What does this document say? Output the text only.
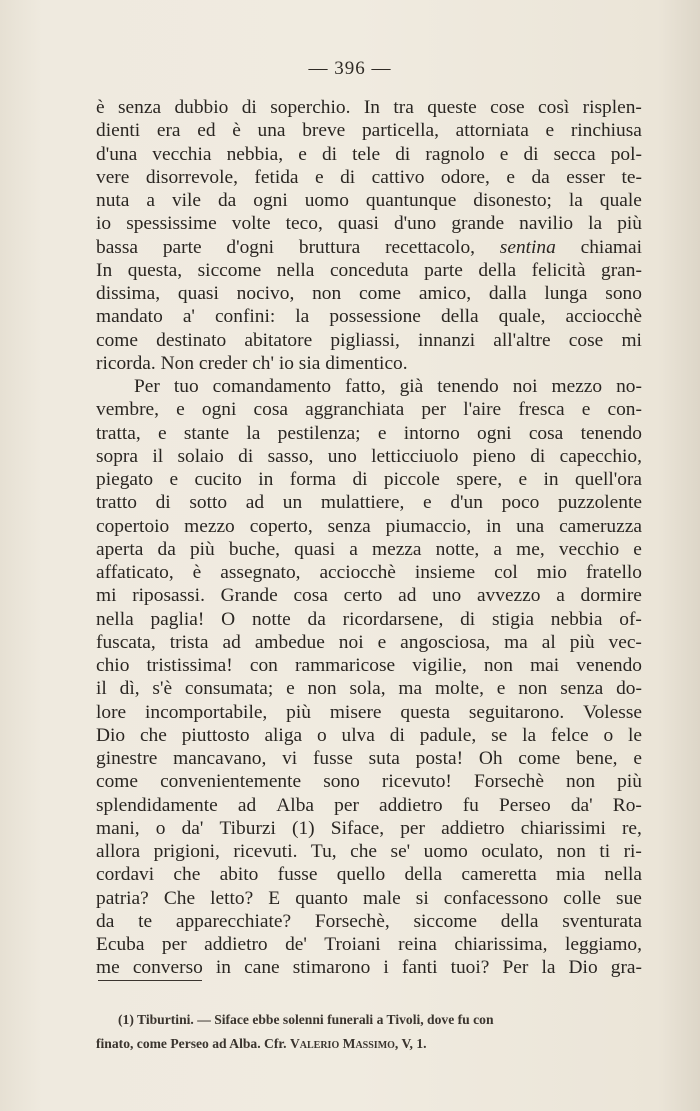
— 396 —
è senza dubbio di soperchio. In tra queste cose così risplen-
dienti era ed è una breve particella, attorniata e rinchiusa
d'una vecchia nebbia, e di tele di ragnolo e di secca pol-
vere disorrevole, fetida e di cattivo odore, e da esser te-
nuta a vile da ogni uomo quantunque disonesto; la quale
io spessissime volte teco, quasi d'uno grande navilio la più
bassa parte d'ogni bruttura recettacolo, sentina chiamai
In questa, siccome nella conceduta parte della felicità gran-
dissima, quasi nocivo, non come amico, dalla lunga sono
mandato a' confini: la possessione della quale, acciocchè
come destinato abitatore pigliassi, innanzi all'altre cose mi
ricorda. Non creder ch' io sia dimentico.
Per tuo comandamento fatto, già tenendo noi mezzo no-
vembre, e ogni cosa aggranchiata per l'aire fresca e con-
tratta, e stante la pestilenza; e intorno ogni cosa tenendo
sopra il solaio di sasso, uno letticciuolo pieno di capecchio,
piegato e cucito in forma di piccole spere, e in quell'ora
tratto di sotto ad un mulattiere, e d'un poco puzzolente
copertoio mezzo coperto, senza piumaccio, in una cameruzza
aperta da più buche, quasi a mezza notte, a me, vecchio e
affaticato, è assegnato, acciocchè insieme col mio fratello
mi riposassi. Grande cosa certo ad uno avvezzo a dormire
nella paglia! O notte da ricordarsene, di stigia nebbia of-
fuscata, trista ad ambedue noi e angosciosa, ma al più vec-
chio tristissima! con rammaricose vigilie, non mai venendo
il dì, s'è consumata; e non sola, ma molte, e non senza do-
lore incomportabile, più misere questa seguitarono. Volesse
Dio che piuttosto aliga o ulva di padule, se la felce o le
ginestre mancavano, vi fusse suta posta! Oh come bene, e
come convenientemente sono ricevuto! Forsechè non più
splendidamente ad Alba per addietro fu Perseo da' Ro-
mani, o da' Tiburzi (1) Siface, per addietro chiarissimi re,
allora prigioni, ricevuti. Tu, che se' uomo oculato, non ti ri-
cordavi che abito fusse quello della cameretta mia nella
patria? Che letto? E quanto male si confacessono colle sue
da te apparecchiate? Forsechè, siccome della sventurata
Ecuba per addietro de' Troiani reina chiarissima, leggiamo,
me converso in cane stimarono i fanti tuoi? Per la Dio gra-
(1) Tiburtini. — Siface ebbe solenni funerali a Tivoli, dove fu con
finato, come Perseo ad Alba. Cfr. Valerio Massimo, V, 1.
